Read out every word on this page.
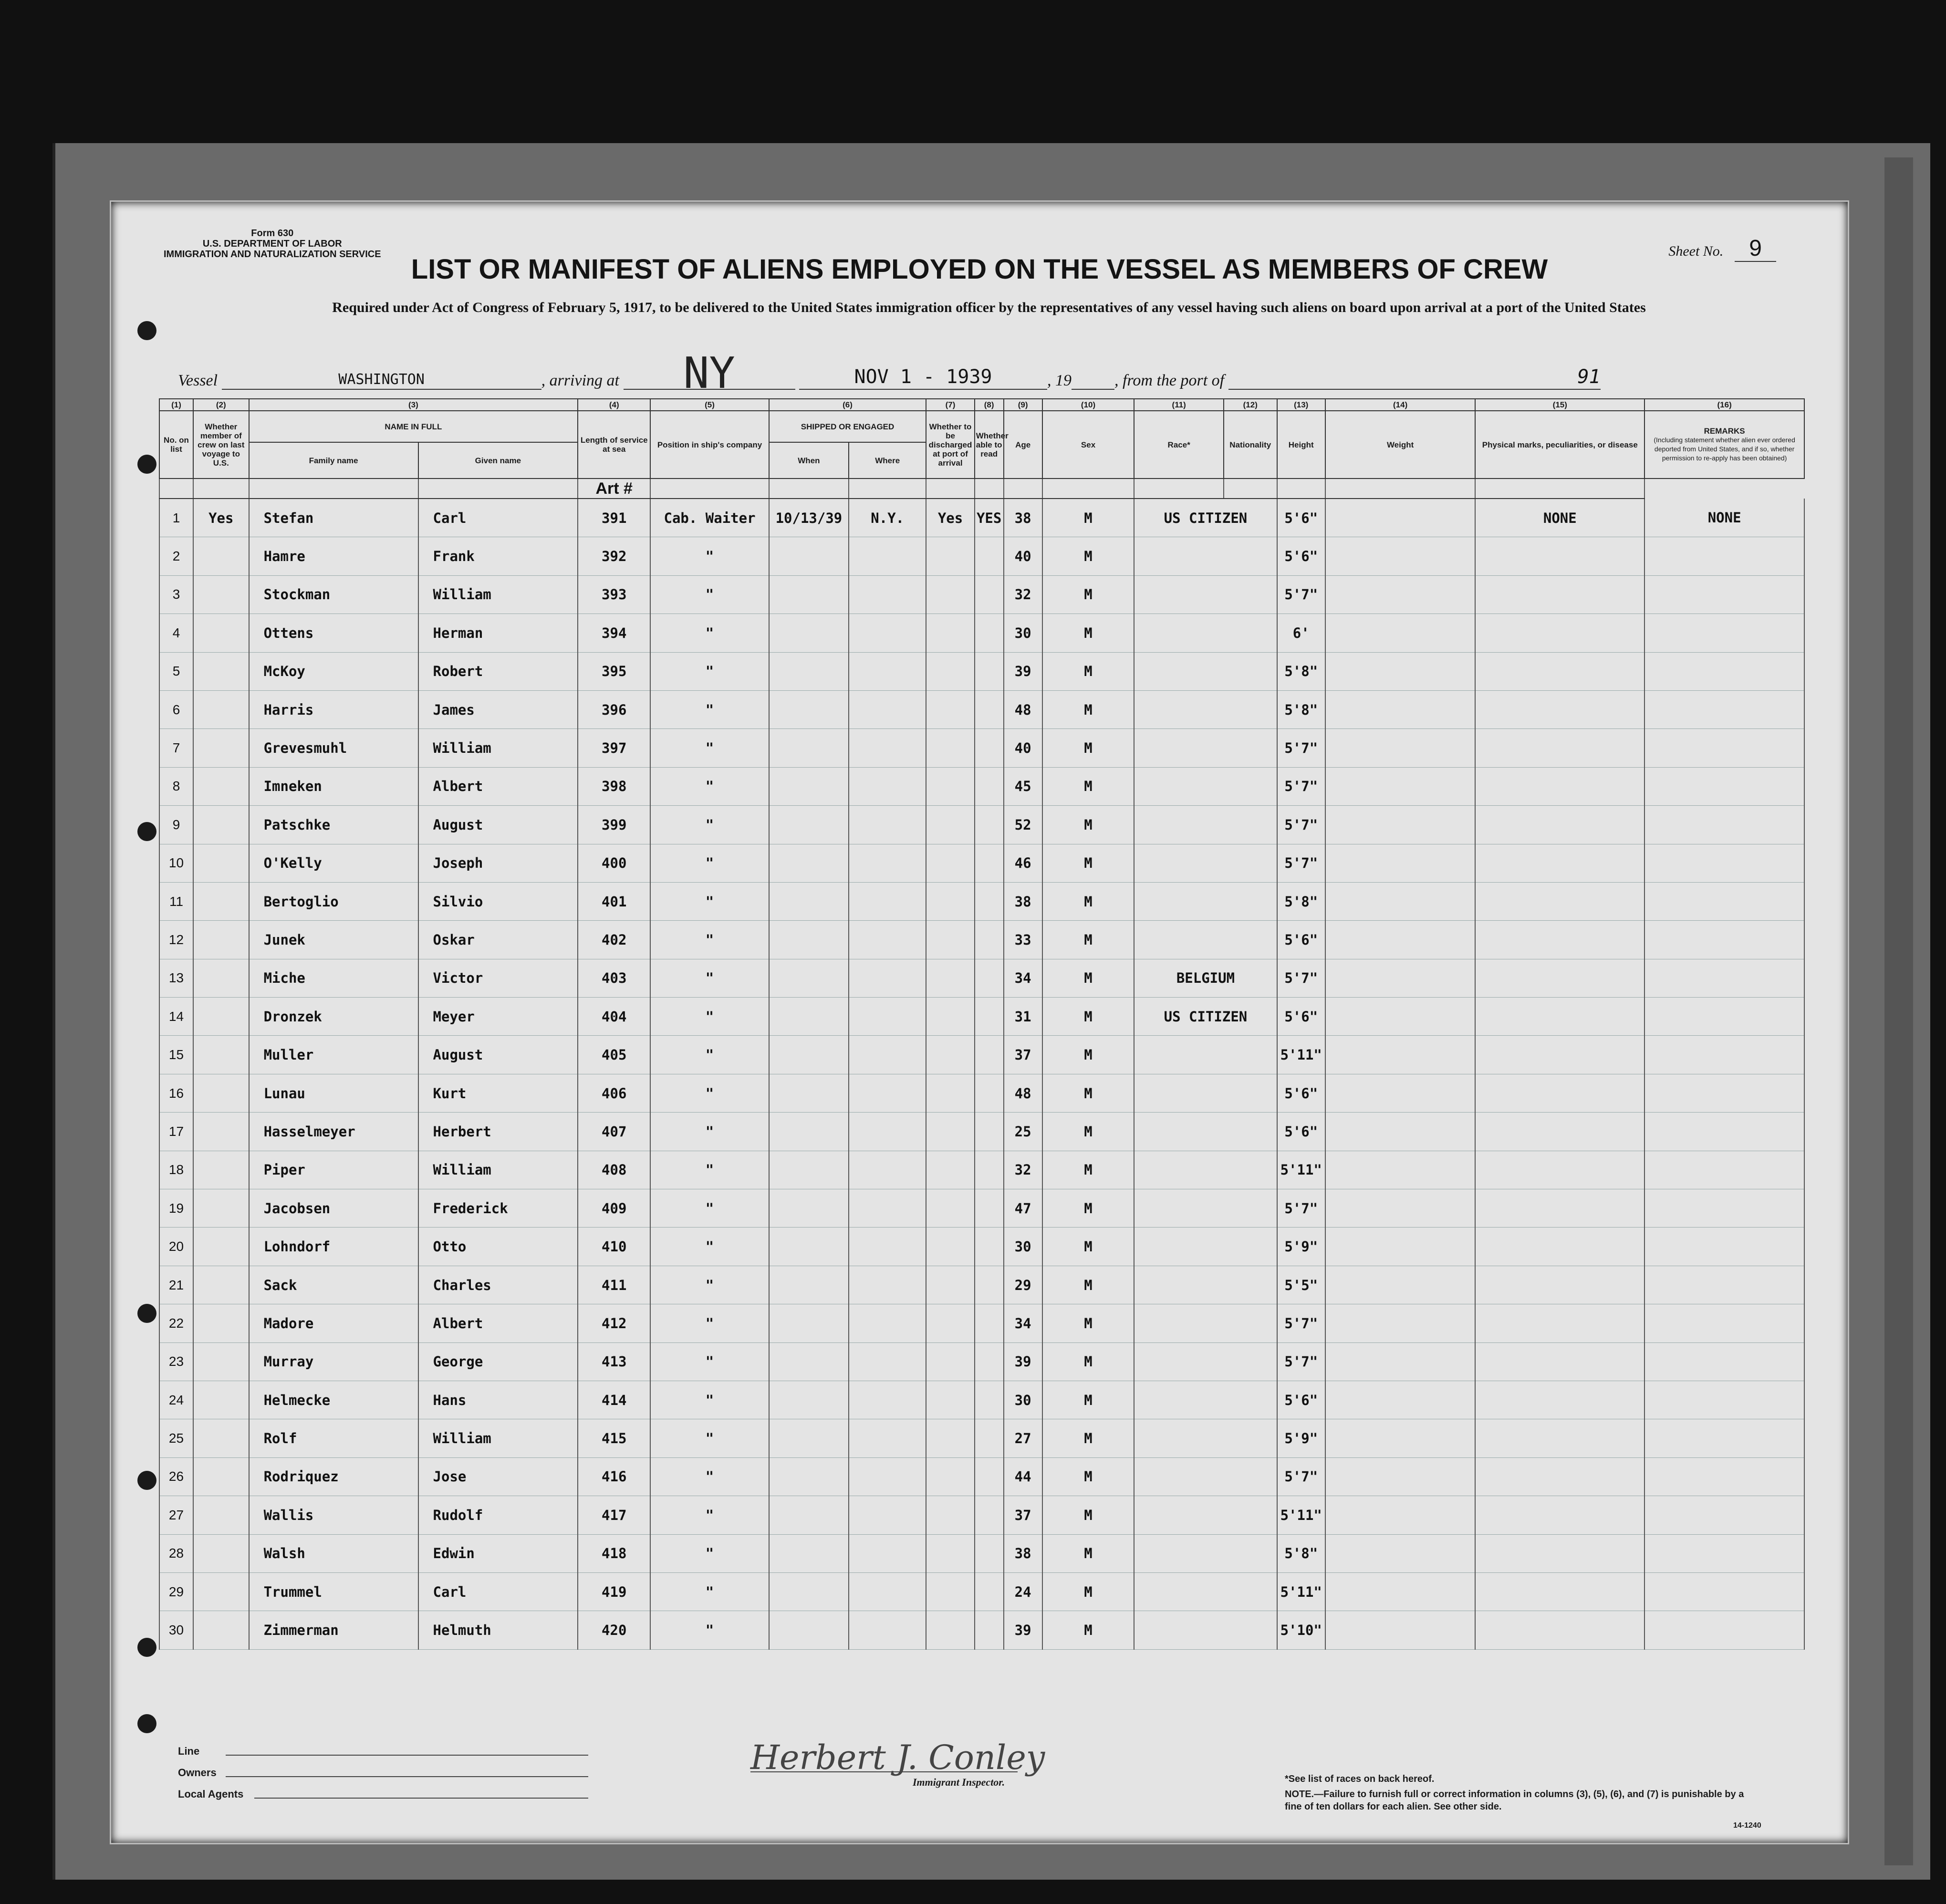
Form 630
U.S. DEPARTMENT OF LABOR
IMMIGRATION AND NATURALIZATION SERVICE	Sheet No. 9
LIST OR MANIFEST OF ALIENS EMPLOYED ON THE VESSEL AS MEMBERS OF CREW
Required under Act of Congress of February 5, 1917, to be delivered to the United States immigration officer by the representatives of any vessel having such aliens on board upon arrival at a port of the United States
Vessel	WASHINGTON	, arriving at NY	NOV 1 - 1939	, 19	, from the port of	91
(1)	(2)	(3)		(4)	(5)	(6)		(7)	(8)	(9)	(10)	(11)	(12)	(13)	(14)	(15)	(16)
No. on list	Whether member of crew on last voyage to U.S.	NAME IN FULL		Length of service at sea	Position in ship's company	SHIPPED OR ENGAGED		Whether to be discharged at port of arrival	Whether able to read	Age	Sex	Race*	Nationality	Height	Weight	Physical marks, peculiarities, or disease	REMARKS
(Including statement whether alien ever ordered deported from United States, and if so, whether permission to re-apply has been obtained)

		Family name	Given name			When	Where										
				Art #													
1	Yes	Stefan	Carl	391	Cab. Waiter	10/13/39	N.Y.	Yes	YES	38	M	US CITIZEN		5'6"		NONE	NONE
2		Hamre	Frank	392	"					40	M			5'6"			
3		Stockman	William	393	"					32	M			5'7"			
4		Ottens	Herman	394	"					30	M			6'			
5		McKoy	Robert	395	"					39	M			5'8"			
6		Harris	James	396	"					48	M			5'8"			
7		Grevesmuhl	William	397	"					40	M			5'7"			
8		Imneken	Albert	398	"					45	M			5'7"			
9		Patschke	August	399	"					52	M			5'7"			
10		O'Kelly	Joseph	400	"					46	M			5'7"			
11		Bertoglio	Silvio	401	"					38	M			5'8"			
12		Junek	Oskar	402	"					33	M			5'6"			
13		Miche	Victor	403	"					34	M	BELGIUM		5'7"			
14		Dronzek	Meyer	404	"					31	M	US CITIZEN		5'6"			
15		Muller	August	405	"					37	M			5'11"			
16		Lunau	Kurt	406	"					48	M			5'6"			
17		Hasselmeyer	Herbert	407	"					25	M			5'6"			
18		Piper	William	408	"					32	M			5'11"			
19		Jacobsen	Frederick	409	"					47	M			5'7"			
20		Lohndorf	Otto	410	"					30	M			5'9"			
21		Sack	Charles	411	"					29	M			5'5"			
22		Madore	Albert	412	"					34	M			5'7"			
23		Murray	George	413	"					39	M			5'7"			
24		Helmecke	Hans	414	"					30	M			5'6"			
25		Rolf	William	415	"					27	M			5'9"			
26		Rodriquez	Jose	416	"					44	M			5'7"			
27		Wallis	Rudolf	417	"					37	M			5'11"			
28		Walsh	Edwin	418	"					38	M			5'8"			
29		Trummel	Carl	419	"					24	M			5'11"			
30		Zimmerman	Helmuth	420	"					39	M			5'10"			
Line
Owners
Local Agents
Herbert J. Conley
Immigrant Inspector.	*See list of races on back hereof.
NOTE.—Failure to furnish full or correct information in columns (3), (5), (6), and (7) is punishable by a fine of ten dollars for each alien. See other side.
14-1240
